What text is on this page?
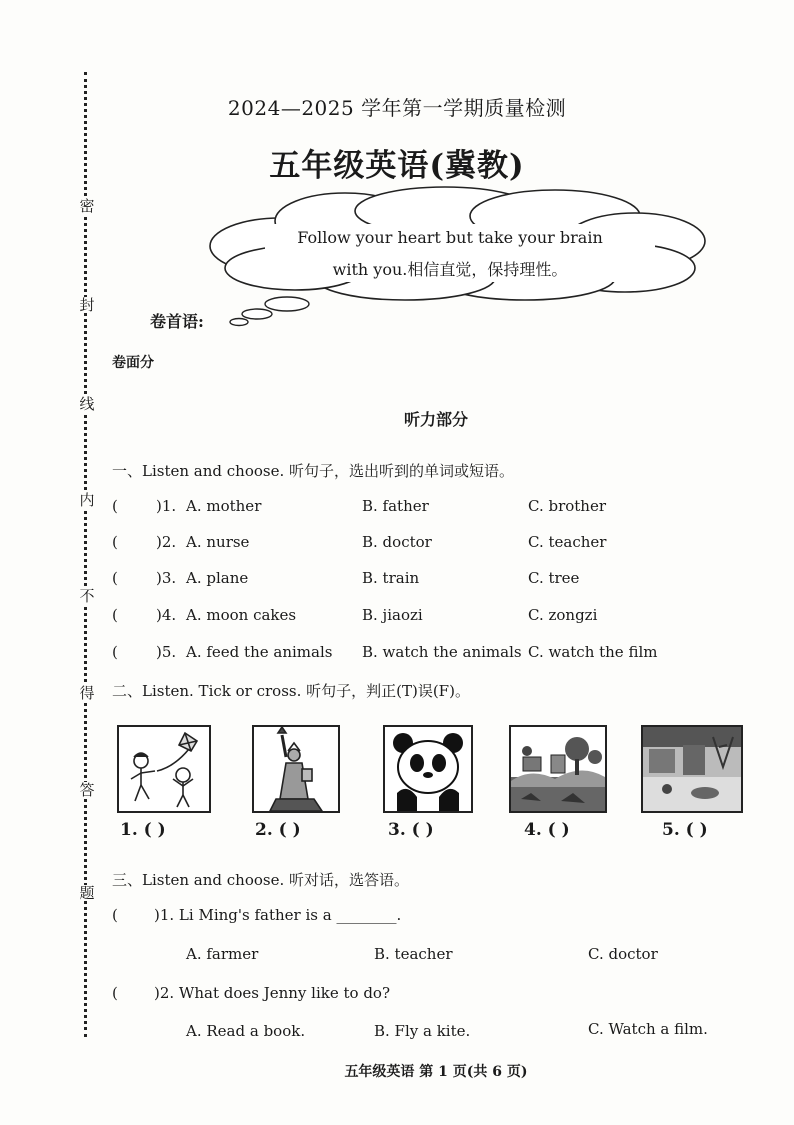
密
封
线
内
不
得
答
题
2024—2025 学年第一学期质量检测
五年级英语(冀教)
Follow your heart but take your brain
with you.相信直觉，保持理性。
卷首语:
卷面分
听力部分
一、Listen and choose. 听句子，选出听到的单词或短语。
(	)1. A. mother	B. father	C. brother
(	)2. A. nurse	B. doctor	C. teacher
(	)3. A. plane	B. train	C. tree
(	)4. A. moon cakes	B. jiaozi	C. zongzi
(	)5. A. feed the animals B. watch the animals C. watch the film
二、Listen. Tick or cross. 听句子，判正(T)误(F)。
1. ( )	2. ( )	3. ( )	4. ( )	5. ( )
三、Listen and choose. 听对话，选答语。
( )1. Li Ming's father is a ________.
A. farmer	B. teacher	C. doctor
( )2. What does Jenny like to do?
A. Read a book.	B. Fly a kite.	C. Watch a film.
五年级英语 第 1 页(共 6 页)
